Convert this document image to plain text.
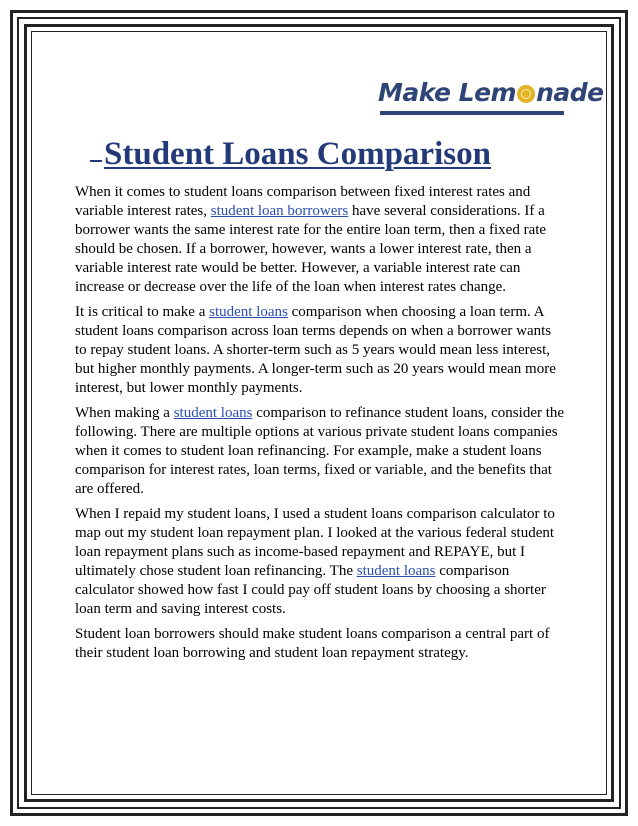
Make Lem nade
Student Loans Comparison

When it comes to student loans comparison between fixed interest rates and variable interest rates, student loan borrowers have several considerations. If a borrower wants the same interest rate for the entire loan term, then a fixed rate should be chosen. If a borrower, however, wants a lower interest rate, then a variable interest rate would be better. However, a variable interest rate can increase or decrease over the life of the loan when interest rates change.

It is critical to make a student loans comparison when choosing a loan term. A student loans comparison across loan terms depends on when a borrower wants to repay student loans. A shorter-term such as 5 years would mean less interest, but higher monthly payments. A longer-term such as 20 years would mean more interest, but lower monthly payments.

When making a student loans comparison to refinance student loans, consider the following. There are multiple options at various private student loans companies when it comes to student loan refinancing. For example, make a student loans comparison for interest rates, loan terms, fixed or variable, and the benefits that are offered.

When I repaid my student loans, I used a student loans comparison calculator to map out my student loan repayment plan. I looked at the various federal student loan repayment plans such as income-based repayment and REPAYE, but I ultimately chose student loan refinancing. The student loans comparison calculator showed how fast I could pay off student loans by choosing a shorter loan term and saving interest costs.

Student loan borrowers should make student loans comparison a central part of their student loan borrowing and student loan repayment strategy.
